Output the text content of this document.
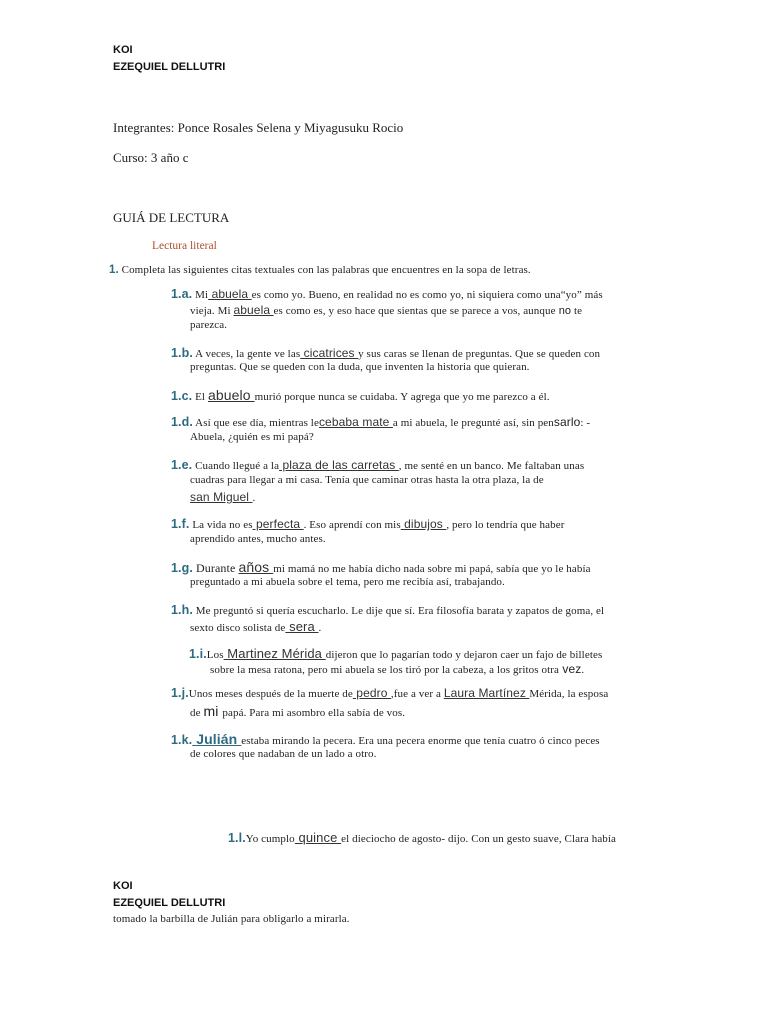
KOI
EZEQUIEL DELLUTRI
Integrantes: Ponce Rosales Selena y Miyagusuku Rocio
Curso: 3 año c
GUIÁ DE LECTURA
Lectura literal
1. Completa las siguientes citas textuales con las palabras que encuentres en la sopa de letras.
1.a. Mi abuela es como yo. Bueno, en realidad no es como yo, ni siquiera como una“yo” más
vieja. Mi abuela es como es, y eso hace que sientas que se parece a vos, aunque no te
parezca.
1.b. A veces, la gente ve las cicatrices y sus caras se llenan de preguntas. Que se queden con
preguntas. Que se queden con la duda, que inventen la historia que quieran.
1.c. El abuelo murió porque nunca se cuidaba. Y agrega que yo me parezco a él.
1.d. Así que ese día, mientras lecebaba mate a mi abuela, le pregunté así, sin pensarlo: -
Abuela, ¿quién es mi papá?
1.e. Cuando llegué a la plaza de las carretas , me senté en un banco. Me faltaban unas
cuadras para llegar a mi casa. Tenía que caminar otras hasta la otra plaza, la de
san Miguel .
1.f. La vida no es perfecta . Eso aprendí con mis dibujos , pero lo tendría que haber
aprendido antes, mucho antes.
1.g. Durante años mi mamá no me había dicho nada sobre mi papá, sabía que yo le había
preguntado a mi abuela sobre el tema, pero me recibía así, trabajando.
1.h. Me preguntó si quería escucharlo. Le dije que sí. Era filosofía barata y zapatos de goma, el
sexto disco solista de sera .
1.i.Los Martinez Mérida dijeron que lo pagarían todo y dejaron caer un fajo de billetes
sobre la mesa ratona, pero mi abuela se los tiró por la cabeza, a los gritos otra vez.
1.j.Unos meses después de la muerte de pedro ,fue a ver a Laura Martínez Mérida, la esposa
de mi papá. Para mi asombro ella sabía de vos.
1.k. Julián estaba mirando la pecera. Era una pecera enorme que tenía cuatro ó cinco peces
de colores que nadaban de un lado a otro.
1.l.Yo cumplo quince el dieciocho de agosto- dijo. Con un gesto suave, Clara había
KOI
EZEQUIEL DELLUTRI
tomado la barbilla de Julián para obligarlo a mirarla.
